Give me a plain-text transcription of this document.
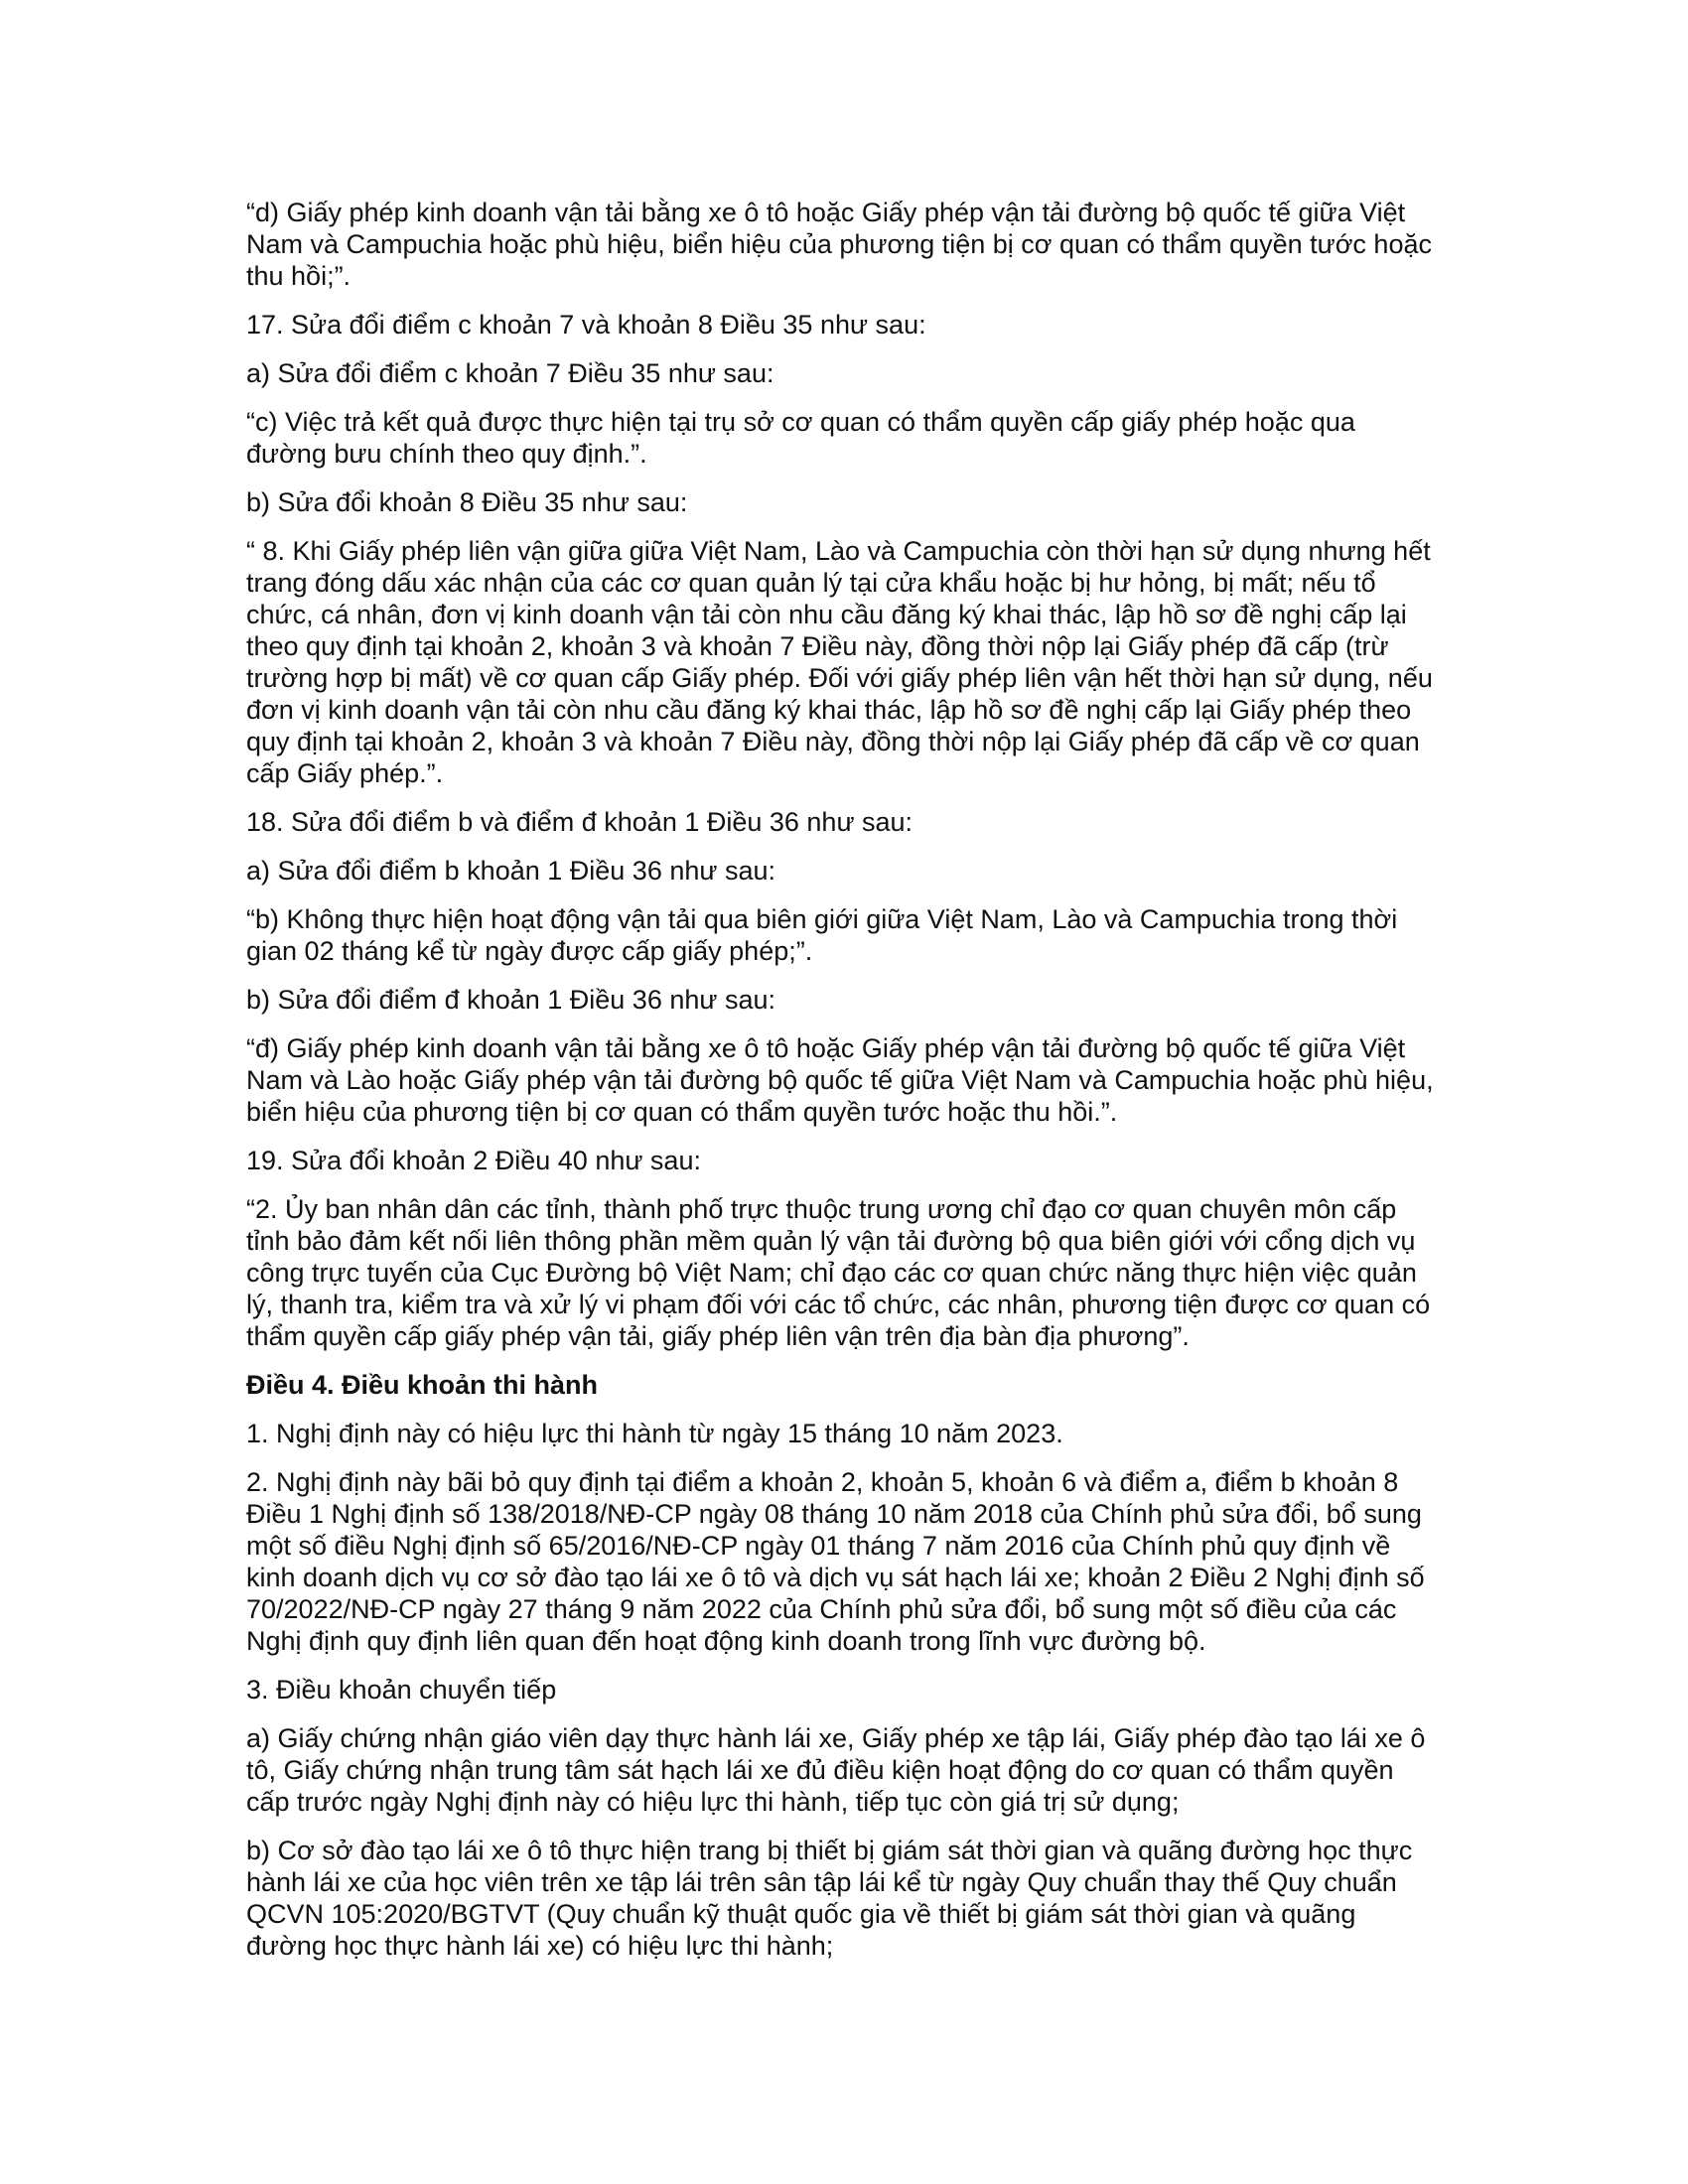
“d) Giấy phép kinh doanh vận tải bằng xe ô tô hoặc Giấy phép vận tải đường bộ quốc tế giữa Việt Nam và Campuchia hoặc phù hiệu, biển hiệu của phương tiện bị cơ quan có thẩm quyền tước hoặc thu hồi;”.

17. Sửa đổi điểm c khoản 7 và khoản 8 Điều 35 như sau:

a) Sửa đổi điểm c khoản 7 Điều 35 như sau:

“c) Việc trả kết quả được thực hiện tại trụ sở cơ quan có thẩm quyền cấp giấy phép hoặc qua đường bưu chính theo quy định.”.

b) Sửa đổi khoản 8 Điều 35 như sau:

“ 8. Khi Giấy phép liên vận giữa giữa Việt Nam, Lào và Campuchia còn thời hạn sử dụng nhưng hết trang đóng dấu xác nhận của các cơ quan quản lý tại cửa khẩu hoặc bị hư hỏng, bị mất; nếu tổ chức, cá nhân, đơn vị kinh doanh vận tải còn nhu cầu đăng ký khai thác, lập hồ sơ đề nghị cấp lại theo quy định tại khoản 2, khoản 3 và khoản 7 Điều này, đồng thời nộp lại Giấy phép đã cấp (trừ trường hợp bị mất) về cơ quan cấp Giấy phép. Đối với giấy phép liên vận hết thời hạn sử dụng, nếu đơn vị kinh doanh vận tải còn nhu cầu đăng ký khai thác, lập hồ sơ đề nghị cấp lại Giấy phép theo quy định tại khoản 2, khoản 3 và khoản 7 Điều này, đồng thời nộp lại Giấy phép đã cấp về cơ quan cấp Giấy phép.”.

18. Sửa đổi điểm b và điểm đ khoản 1 Điều 36 như sau:

a) Sửa đổi điểm b khoản 1 Điều 36 như sau:

“b) Không thực hiện hoạt động vận tải qua biên giới giữa Việt Nam, Lào và Campuchia trong thời gian 02 tháng kể từ ngày được cấp giấy phép;”.

b) Sửa đổi điểm đ khoản 1 Điều 36 như sau:

“đ) Giấy phép kinh doanh vận tải bằng xe ô tô hoặc Giấy phép vận tải đường bộ quốc tế giữa Việt Nam và Lào hoặc Giấy phép vận tải đường bộ quốc tế giữa Việt Nam và Campuchia hoặc phù hiệu, biển hiệu của phương tiện bị cơ quan có thẩm quyền tước hoặc thu hồi.”.

19. Sửa đổi khoản 2 Điều 40 như sau:

“2. Ủy ban nhân dân các tỉnh, thành phố trực thuộc trung ương chỉ đạo cơ quan chuyên môn cấp tỉnh bảo đảm kết nối liên thông phần mềm quản lý vận tải đường bộ qua biên giới với cổng dịch vụ công trực tuyến của Cục Đường bộ Việt Nam; chỉ đạo các cơ quan chức năng thực hiện việc quản lý, thanh tra, kiểm tra và xử lý vi phạm đối với các tổ chức, các nhân, phương tiện được cơ quan có thẩm quyền cấp giấy phép vận tải, giấy phép liên vận trên địa bàn địa phương”.

Điều 4. Điều khoản thi hành

1. Nghị định này có hiệu lực thi hành từ ngày 15 tháng 10 năm 2023.

2. Nghị định này bãi bỏ quy định tại điểm a khoản 2, khoản 5, khoản 6 và điểm a, điểm b khoản 8 Điều 1 Nghị định số 138/2018/NĐ-CP ngày 08 tháng 10 năm 2018 của Chính phủ sửa đổi, bổ sung một số điều Nghị định số 65/2016/NĐ-CP ngày 01 tháng 7 năm 2016 của Chính phủ quy định về kinh doanh dịch vụ cơ sở đào tạo lái xe ô tô và dịch vụ sát hạch lái xe; khoản 2 Điều 2 Nghị định số 70/2022/NĐ-CP ngày 27 tháng 9 năm 2022 của Chính phủ sửa đổi, bổ sung một số điều của các Nghị định quy định liên quan đến hoạt động kinh doanh trong lĩnh vực đường bộ.

3. Điều khoản chuyển tiếp

a) Giấy chứng nhận giáo viên dạy thực hành lái xe, Giấy phép xe tập lái, Giấy phép đào tạo lái xe ô tô, Giấy chứng nhận trung tâm sát hạch lái xe đủ điều kiện hoạt động do cơ quan có thẩm quyền cấp trước ngày Nghị định này có hiệu lực thi hành, tiếp tục còn giá trị sử dụng;

b) Cơ sở đào tạo lái xe ô tô thực hiện trang bị thiết bị giám sát thời gian và quãng đường học thực hành lái xe của học viên trên xe tập lái trên sân tập lái kể từ ngày Quy chuẩn thay thế Quy chuẩn QCVN 105:2020/BGTVT (Quy chuẩn kỹ thuật quốc gia về thiết bị giám sát thời gian và quãng đường học thực hành lái xe) có hiệu lực thi hành;
